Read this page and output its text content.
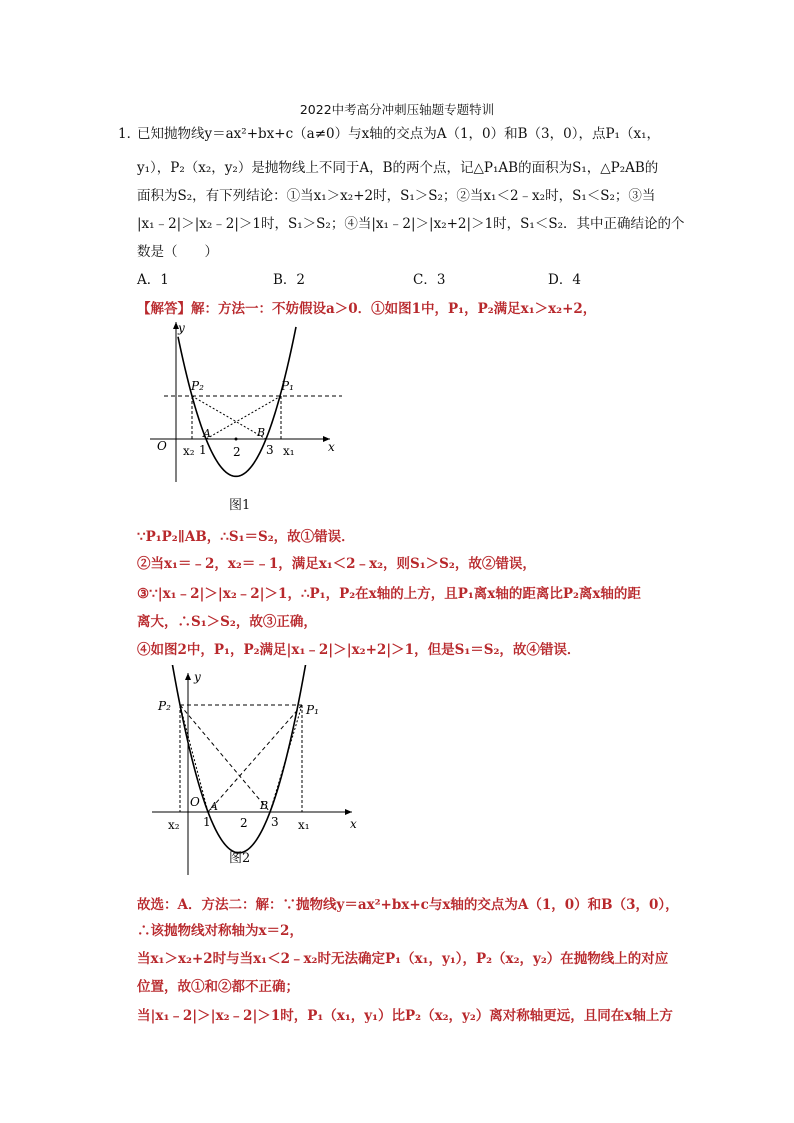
2022中考高分冲刺压轴题专题特训
1．
已知抛物线y＝ax²+bx+c（a≠0）与x轴的交点为A（1，0）和B（3，0），点P₁（x₁，
y₁），P₂（x₂，y₂）是抛物线上不同于A，B的两个点，记△P₁AB的面积为S₁，△P₂AB的
面积为S₂，有下列结论：①当x₁＞x₂+2时，S₁＞S₂；②当x₁＜2﹣x₂时，S₁＜S₂；③当
|x₁﹣2|＞|x₂﹣2|＞1时，S₁＞S₂；④当|x₁﹣2|＞|x₂+2|＞1时，S₁＜S₂．其中正确结论的个
数是（　　）
A．1	B．2	C．3	D．4
【解答】解：方法一：不妨假设a＞0．①如图1中，P₁，P₂满足x₁＞x₂+2，
y
x
O
P₂	P₁
A	B
x₂ 1 2 3 x₁
图1
∵P₁P₂∥AB，∴S₁＝S₂，故①错误．
②当x₁＝﹣2，x₂＝﹣1，满足x₁＜2﹣x₂，则S₁＞S₂，故②错误，
③∵|x₁﹣2|＞|x₂﹣2|＞1，∴P₁，P₂在x轴的上方，且P₁离x轴的距离比P₂离x轴的距
离大，∴S₁＞S₂，故③正确，
④如图2中，P₁，P₂满足|x₁﹣2|＞|x₂+2|＞1，但是S₁＝S₂，故④错误．
y
x
O
P₂	P₁
A	B
x₂ 1 2 3 x₁
图2
故选：A．方法二：解：∵抛物线y＝ax²+bx+c与x轴的交点为A（1，0）和B（3，0），
∴该抛物线对称轴为x＝2，
当x₁＞x₂+2时与当x₁＜2﹣x₂时无法确定P₁（x₁，y₁），P₂（x₂，y₂）在抛物线上的对应
位置，故①和②都不正确；
当|x₁﹣2|＞|x₂﹣2|＞1时，P₁（x₁，y₁）比P₂（x₂，y₂）离对称轴更远，且同在x轴上方
